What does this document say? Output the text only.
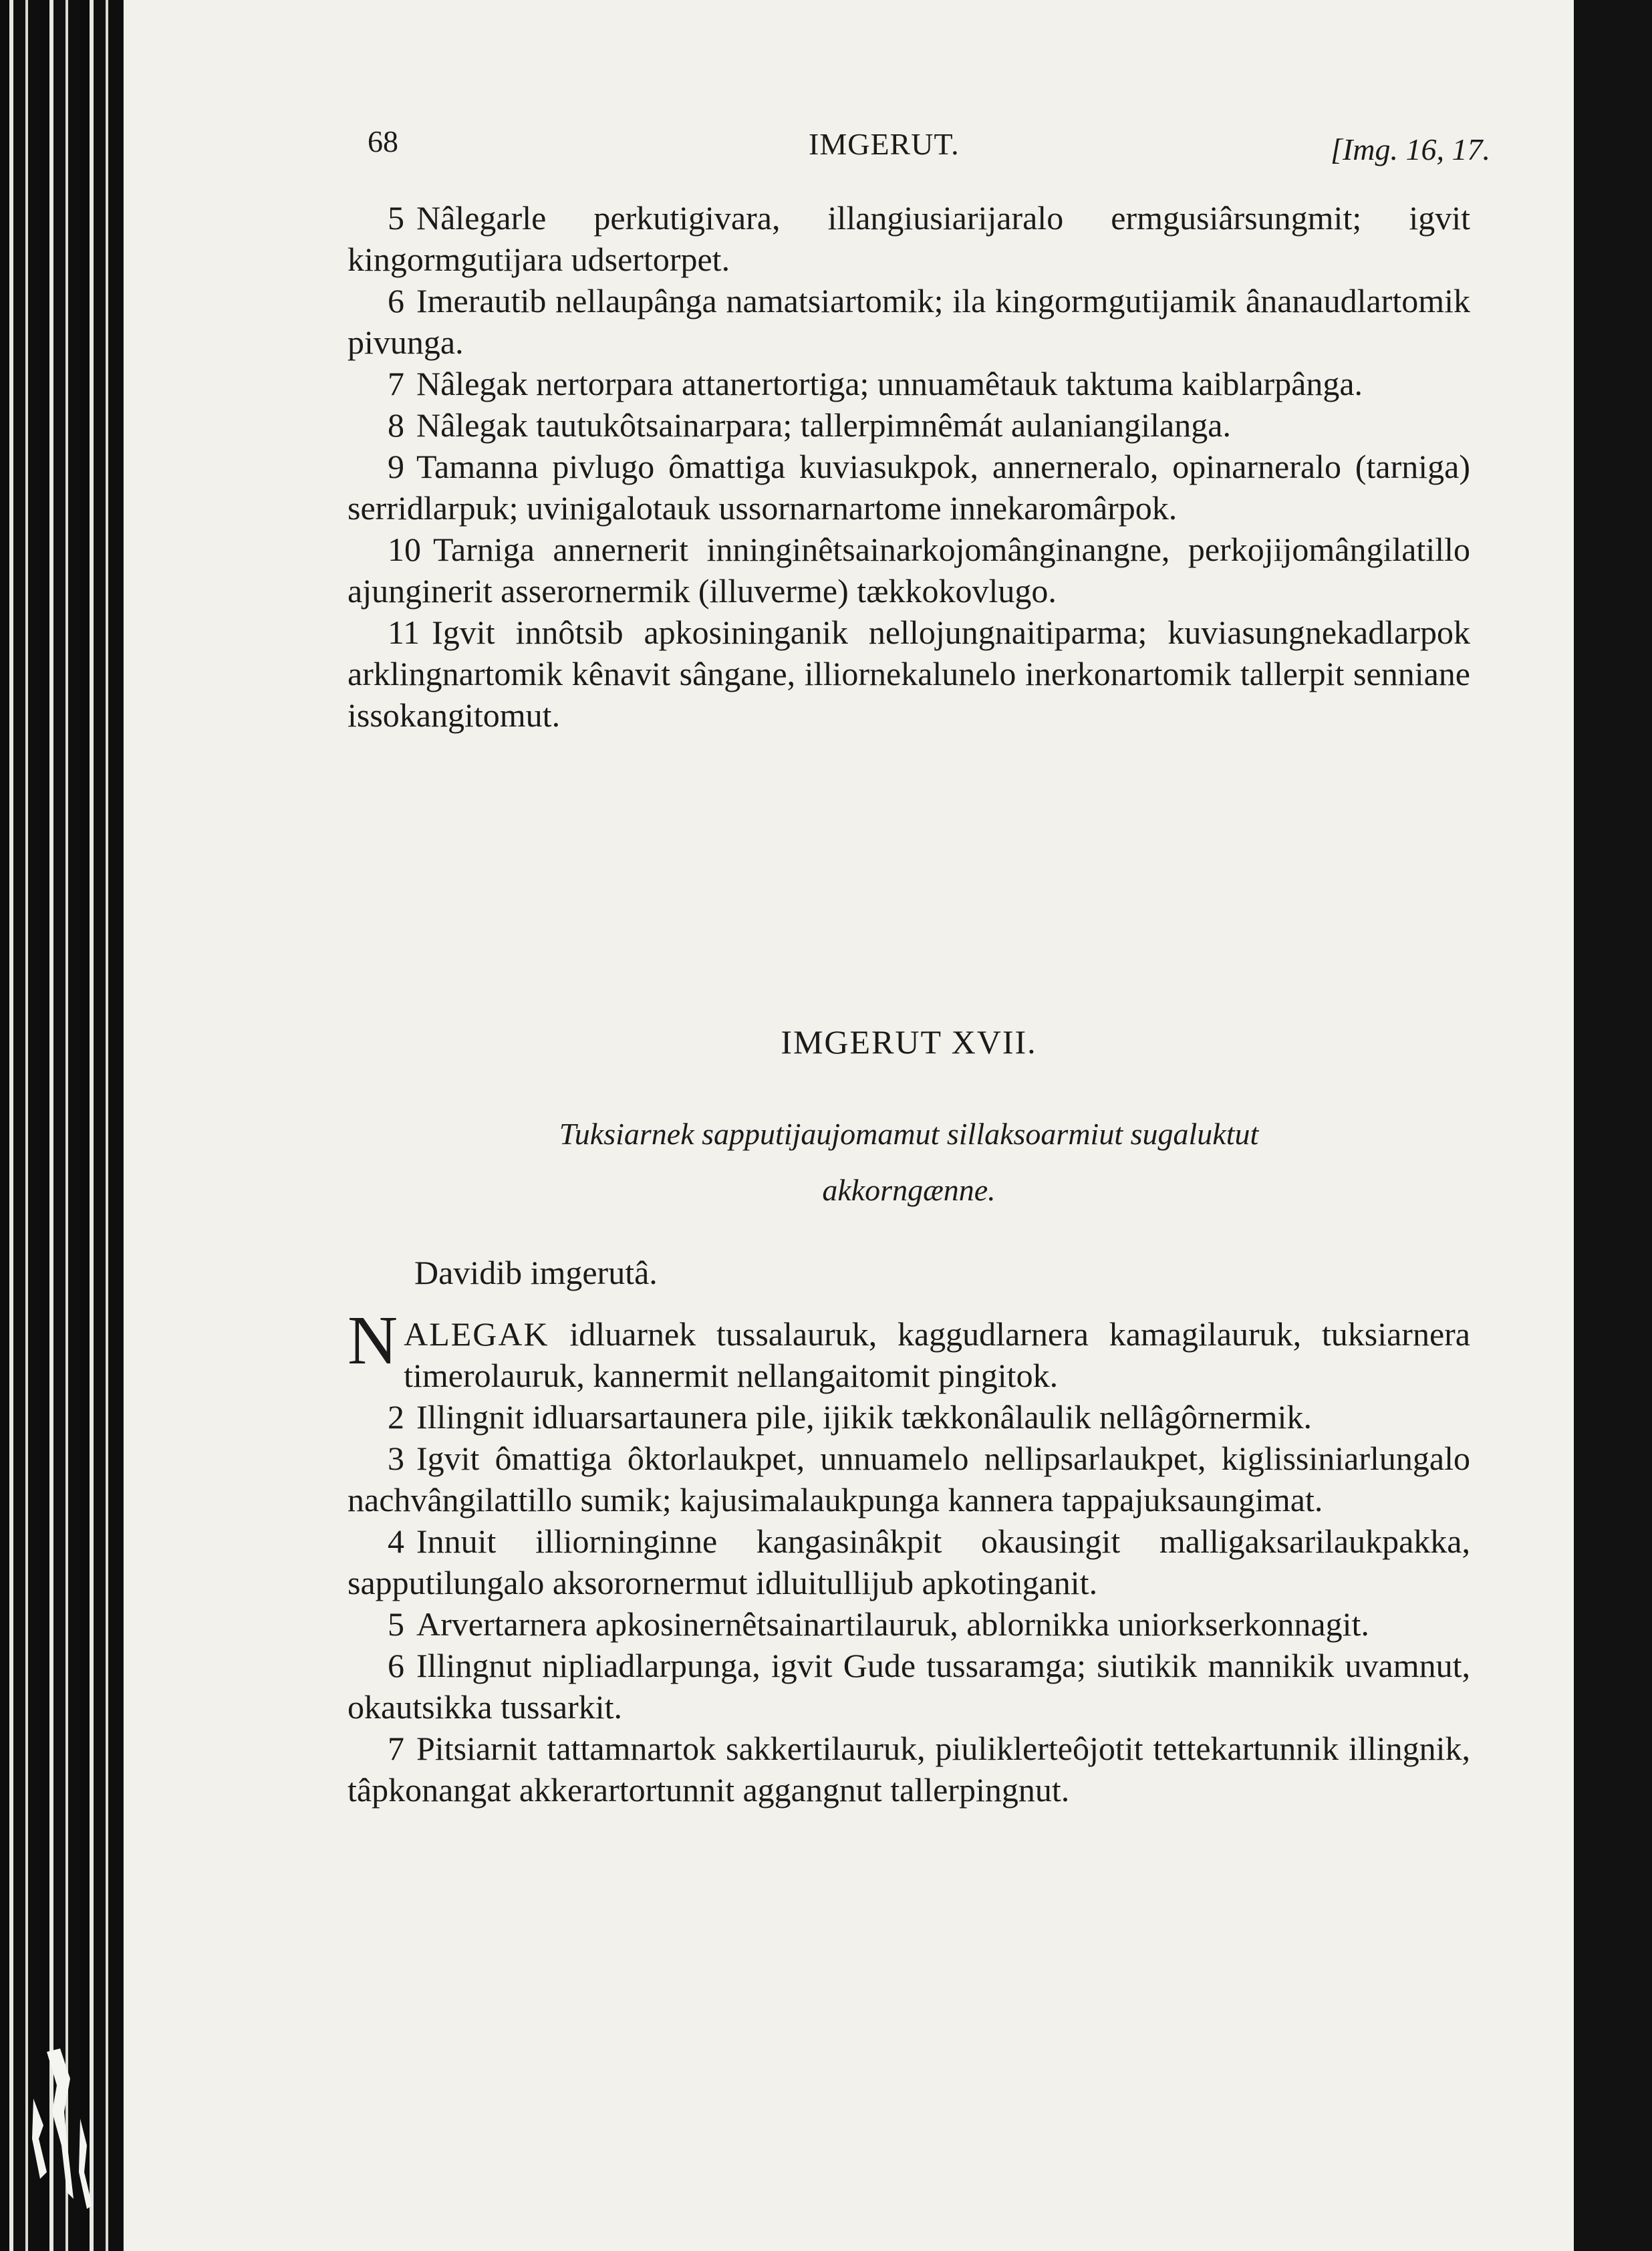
68	IMGERUT.	[Img. 16, 17.

5 Nâlegarle perkutigivara, illangiusiarijaralo ermgusiârsungmit; igvit kingormgutijara udsertorpet.

6 Imerautib nellaupânga namatsiartomik; ila kingormgutijamik ânanaudlartomik pivunga.

7 Nâlegak nertorpara attanertortiga; unnuamêtauk taktuma kaiblarpânga.

8 Nâlegak tautukôtsainarpara; tallerpimnêmát aulaniangilanga.

9 Tamanna pivlugo ômattiga kuviasukpok, annerneralo, opinarneralo (tarniga) serridlarpuk; uvinigalotauk ussornarnartome innekaromârpok.

10 Tarniga annernerit inninginêtsainarkojomânginangne, perkojijomângilatillo ajunginerit asserornermik (illuverme) tækkokovlugo.

11 Igvit innôtsib apkosininganik nellojungnaitiparma; kuviasungnekadlarpok arklingnartomik kênavit sângane, illiornekalunelo inerkonartomik tallerpit senniane issokangitomut.

IMGERUT XVII.
Tuksiarnek sapputijaujomamut sillaksoarmiut sugaluktut
akkorngænne.
Davidib imgerutâ.

NALEGAK idluarnek tussalauruk, kaggudlarnera kamagilauruk, tuksiarnera timerolauruk, kannermit nellangaitomit pingitok.

2 Illingnit idluarsartaunera pile, ijikik tækkonâlaulik nellâgôrnermik.

3 Igvit ômattiga ôktorlaukpet, unnuamelo nellipsarlaukpet, kiglissiniarlungalo nachvângilattillo sumik; kajusimalaukpunga kannera tappajuksaungimat.

4 Innuit illiorninginne kangasinâkpit okausingit malligaksarilaukpakka, sapputilungalo aksorornermut idluitullijub apkotinganit.

5 Arvertarnera apkosinernêtsainartilauruk, ablornikka uniorkserkonnagit.

6 Illingnut nipliadlarpunga, igvit Gude tussaramga; siutikik mannikik uvamnut, okautsikka tussarkit.

7 Pitsiarnit tattamnartok sakkertilauruk, piuliklerteôjotit tettekartunnik illingnik, tâpkonangat akkerartortunnit aggangnut tallerpingnut.
